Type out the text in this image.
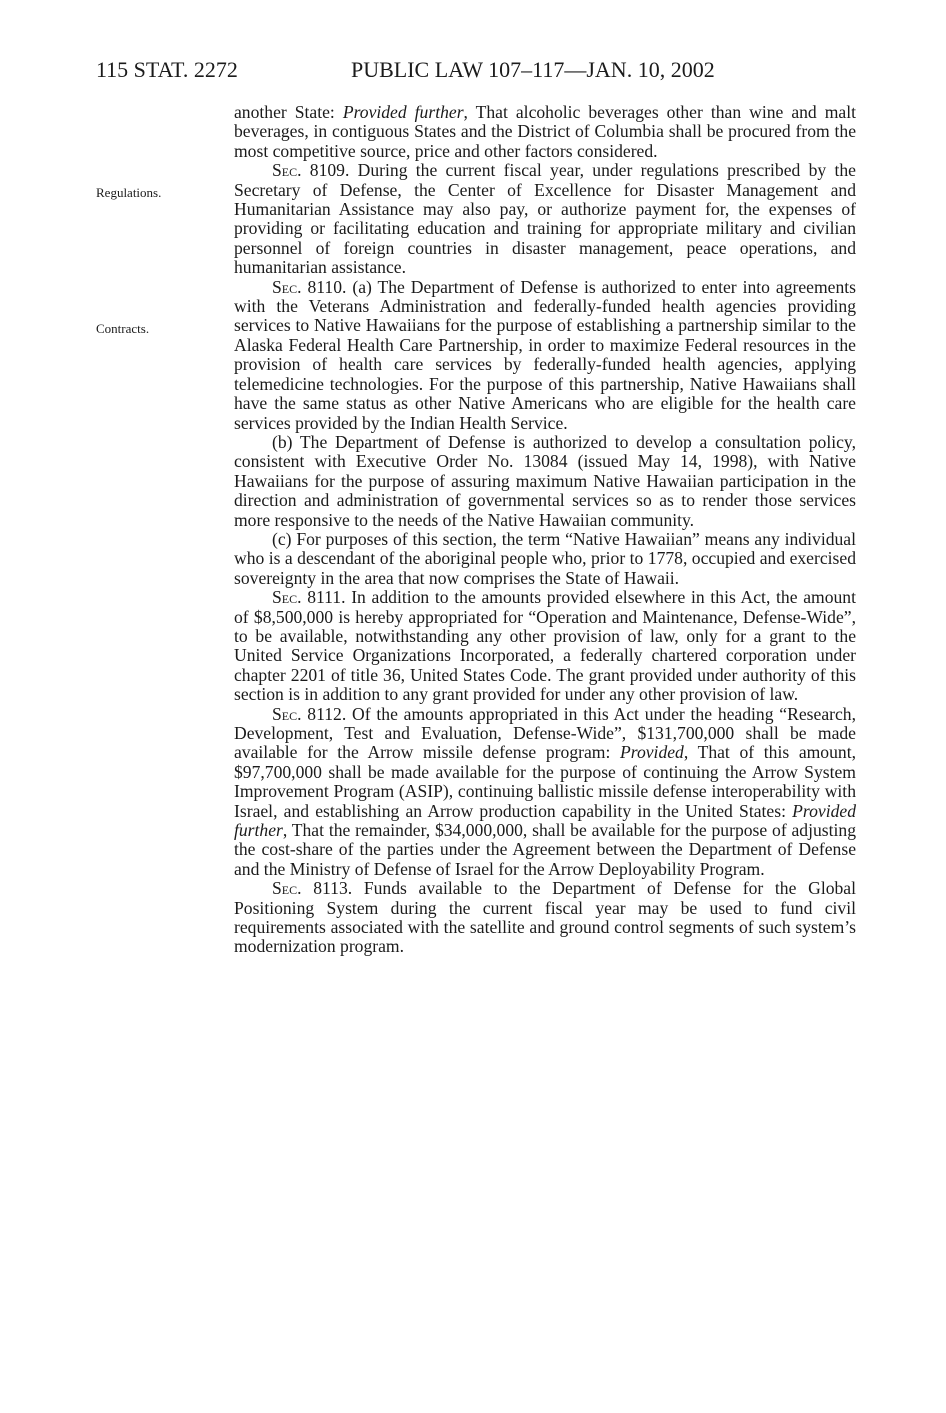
115 STAT. 2272	PUBLIC LAW 107–117—JAN. 10, 2002
Regulations.
Contracts.

another State: Provided further, That alcoholic beverages other than wine and malt beverages, in contiguous States and the District of Columbia shall be procured from the most competitive source, price and other factors considered.

Sec. 8109. During the current fiscal year, under regulations prescribed by the Secretary of Defense, the Center of Excellence for Disaster Management and Humanitarian Assistance may also pay, or authorize payment for, the expenses of providing or facilitating education and training for appropriate military and civilian personnel of foreign countries in disaster management, peace operations, and humanitarian assistance.

Sec. 8110. (a) The Department of Defense is authorized to enter into agreements with the Veterans Administration and federally-funded health agencies providing services to Native Hawaiians for the purpose of establishing a partnership similar to the Alaska Federal Health Care Partnership, in order to maximize Federal resources in the provision of health care services by federally-funded health agencies, applying telemedicine technologies. For the purpose of this partnership, Native Hawaiians shall have the same status as other Native Americans who are eligible for the health care services provided by the Indian Health Service.

(b) The Department of Defense is authorized to develop a consultation policy, consistent with Executive Order No. 13084 (issued May 14, 1998), with Native Hawaiians for the purpose of assuring maximum Native Hawaiian participation in the direction and administration of governmental services so as to render those services more responsive to the needs of the Native Hawaiian community.

(c) For purposes of this section, the term “Native Hawaiian” means any individual who is a descendant of the aboriginal people who, prior to 1778, occupied and exercised sovereignty in the area that now comprises the State of Hawaii.

Sec. 8111. In addition to the amounts provided elsewhere in this Act, the amount of $8,500,000 is hereby appropriated for “Operation and Maintenance, Defense-Wide”, to be available, notwithstanding any other provision of law, only for a grant to the United Service Organizations Incorporated, a federally chartered corporation under chapter 2201 of title 36, United States Code. The grant provided under authority of this section is in addition to any grant provided for under any other provision of law.

Sec. 8112. Of the amounts appropriated in this Act under the heading “Research, Development, Test and Evaluation, Defense-Wide”, $131,700,000 shall be made available for the Arrow missile defense program: Provided, That of this amount, $97,700,000 shall be made available for the purpose of continuing the Arrow System Improvement Program (ASIP), continuing ballistic missile defense interoperability with Israel, and establishing an Arrow production capability in the United States: Provided further, That the remainder, $34,000,000, shall be available for the purpose of adjusting the cost-share of the parties under the Agreement between the Department of Defense and the Ministry of Defense of Israel for the Arrow Deployability Program.

Sec. 8113. Funds available to the Department of Defense for the Global Positioning System during the current fiscal year may be used to fund civil requirements associated with the satellite and ground control segments of such system’s modernization program.
